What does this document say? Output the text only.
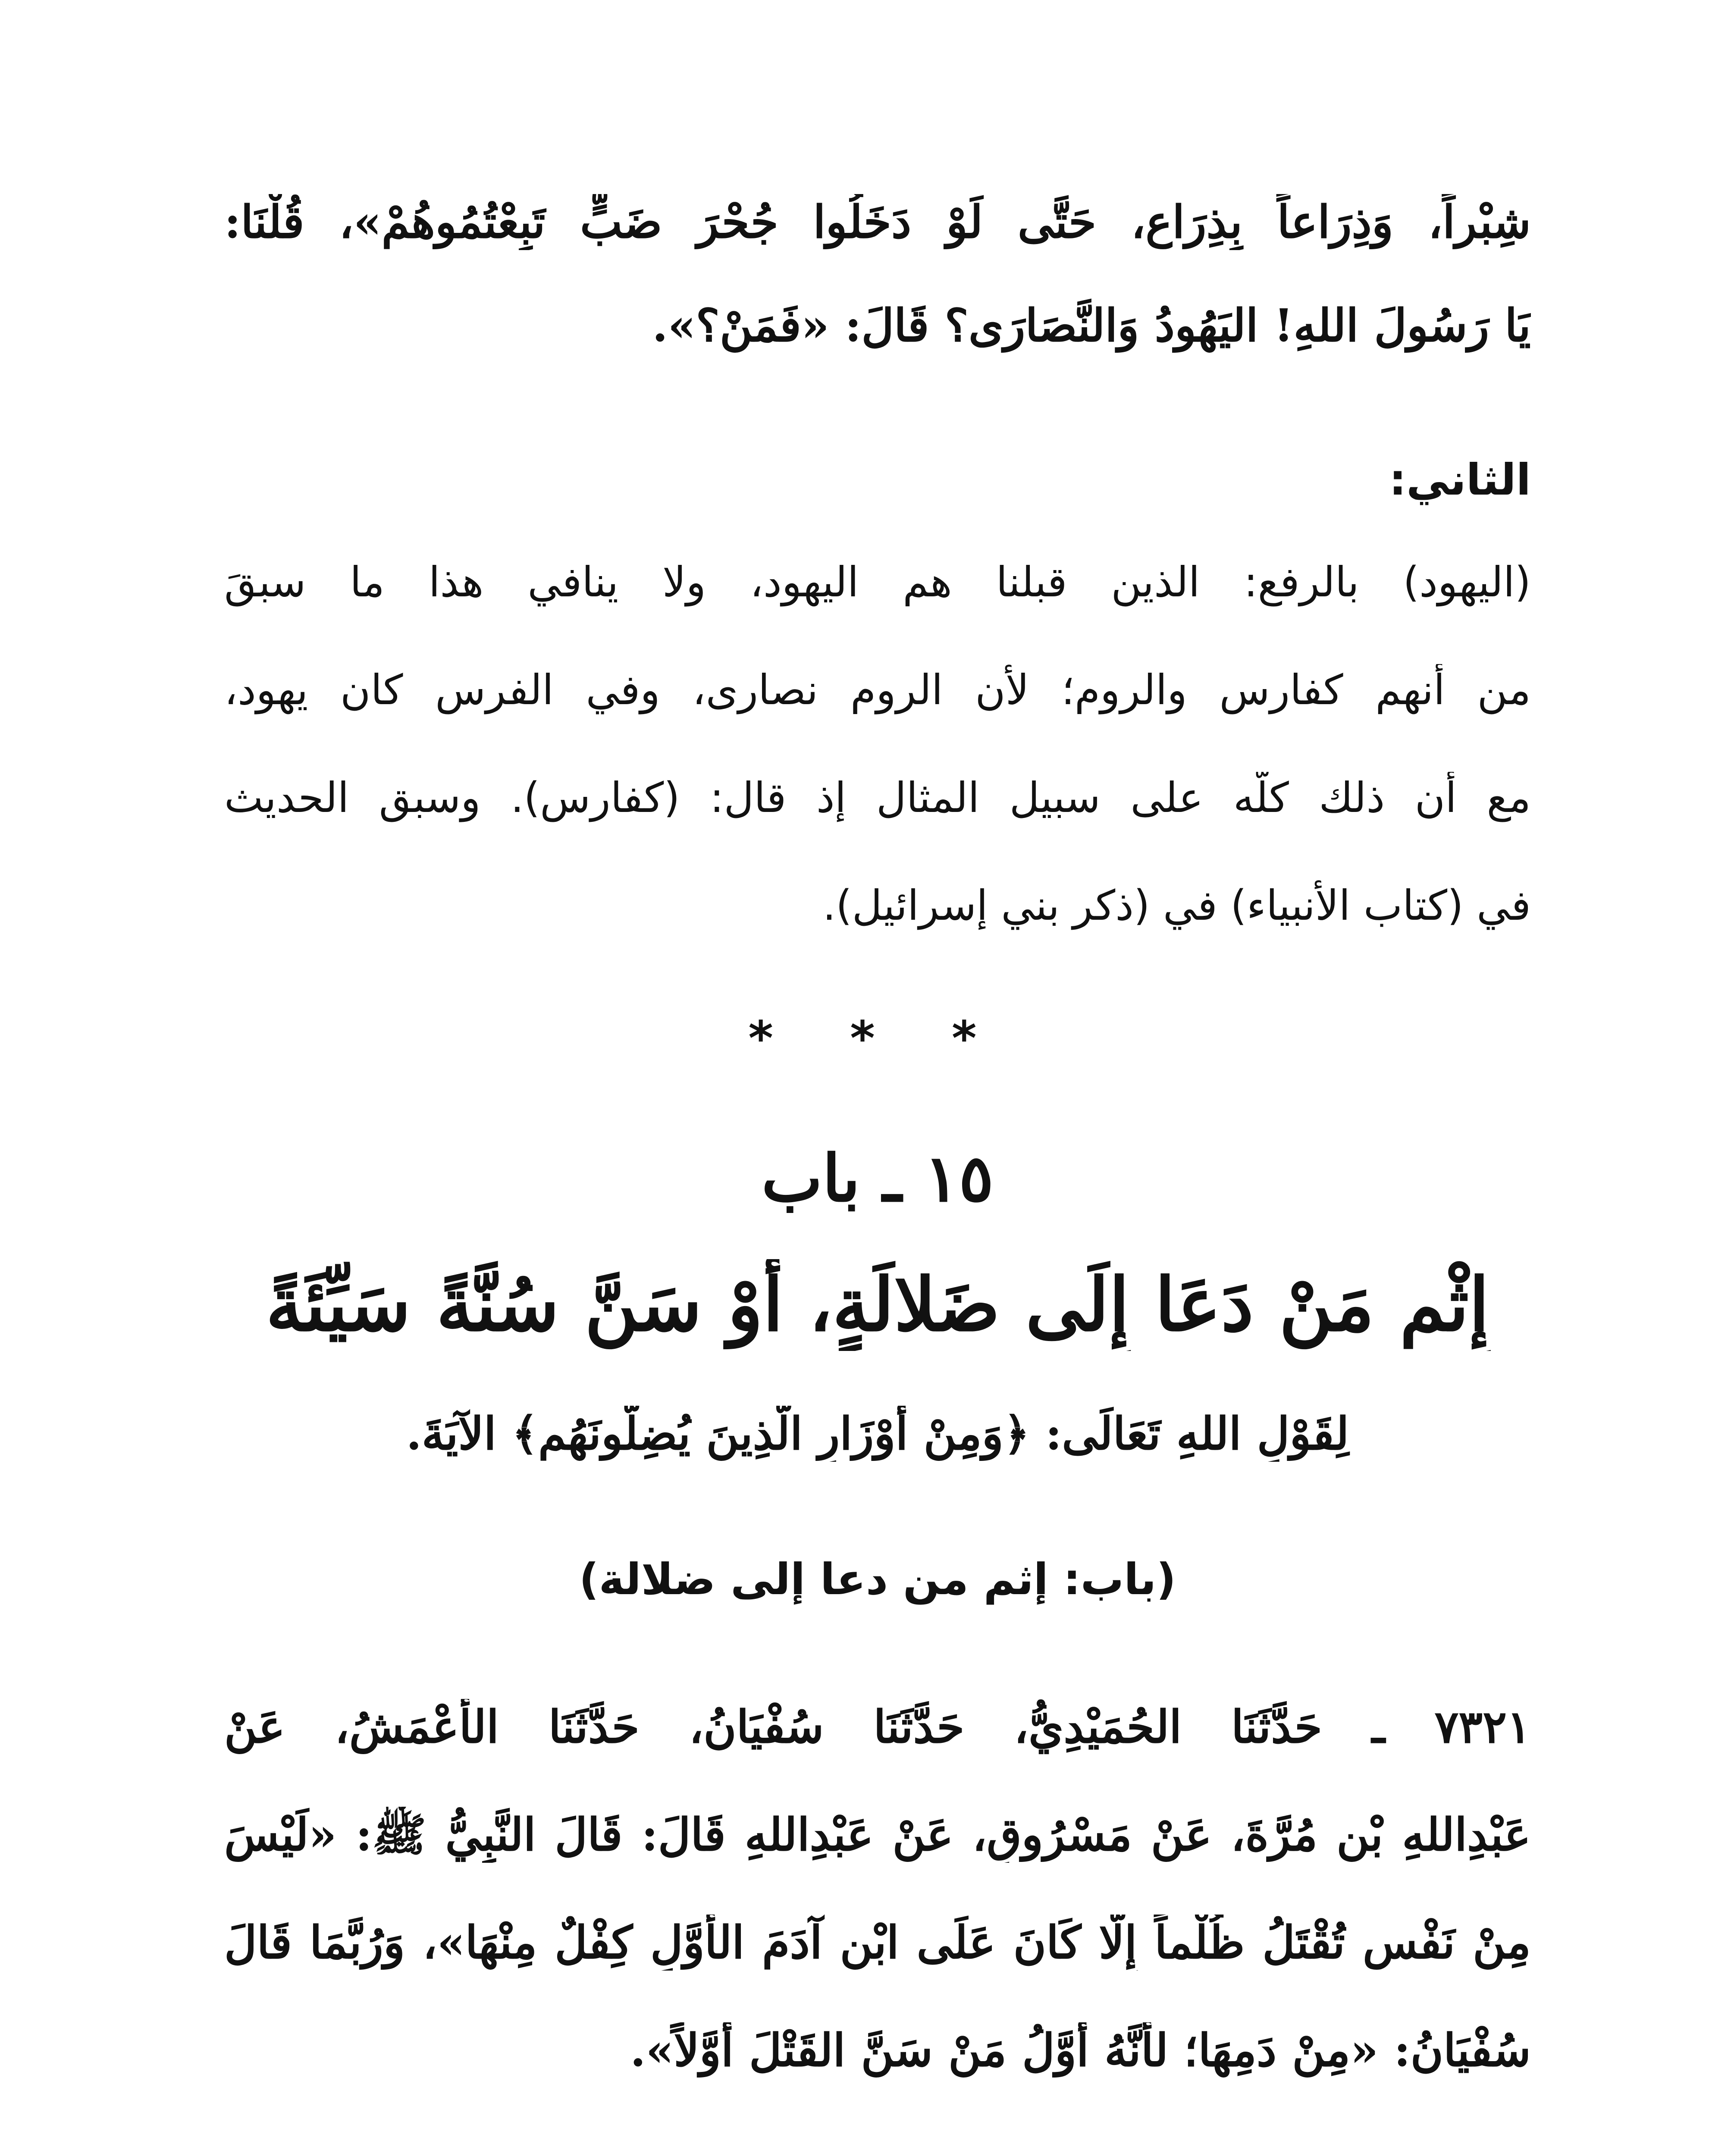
شِبْراً، وَذِرَاعاً بِذِرَاعٍ، حَتَّى لَوْ دَخَلُوا جُحْرَ ضَبٍّ تَبِعْتُمُوهُمْ»، قُلْنَا:
يَا رَسُولَ اللهِ! اليَهُودُ وَالنَّصَارَى؟ قَالَ: «فَمَنْ؟».
الثاني:
(اليهود) بالرفع: الذين قبلنا هم اليهود، ولا ينافي هذا ما سبقَ
من أنهم كفارس والروم؛ لأن الروم نصارى، وفي الفرس كان يهود،
مع أن ذلك كلّه على سبيل المثال إذ قال: (كفارس). وسبق الحديث
في (كتاب الأنبياء) في (ذكر بني إسرائيل).
* * *
١٥ ـ باب
إِثْمِ مَنْ دَعَا إِلَى ضَلالَةٍ، أَوْ سَنَّ سُنَّةً سَيِّئَةً
لِقَوْلِ اللهِ تَعَالَى: ﴿وَمِنْ أَوْزَارِ الَّذِينَ يُضِلُّونَهُم﴾ الآيَةَ.
(باب: إثم من دعا إلى ضلالة)
٧٣٢١ ـ حَدَّثَنَا الحُمَيْدِيُّ، حَدَّثَنَا سُفْيَانُ، حَدَّثَنَا الأَعْمَشُ، عَنْ
عَبْدِاللهِ بْنِ مُرَّةَ، عَنْ مَسْرُوقٍ، عَنْ عَبْدِاللهِ قَالَ: قَالَ النَّبِيُّ ﷺ: «لَيْسَ
مِنْ نَفْسٍ تُقْتَلُ ظُلْماً إِلَّا كَانَ عَلَى ابْنِ آدَمَ الأَوَّلِ كِفْلٌ مِنْهَا»، وَرُبَّمَا قَالَ
سُفْيَانُ: «مِنْ دَمِهَا؛ لأَنَّهُ أَوَّلُ مَنْ سَنَّ القَتْلَ أَوَّلاً».
